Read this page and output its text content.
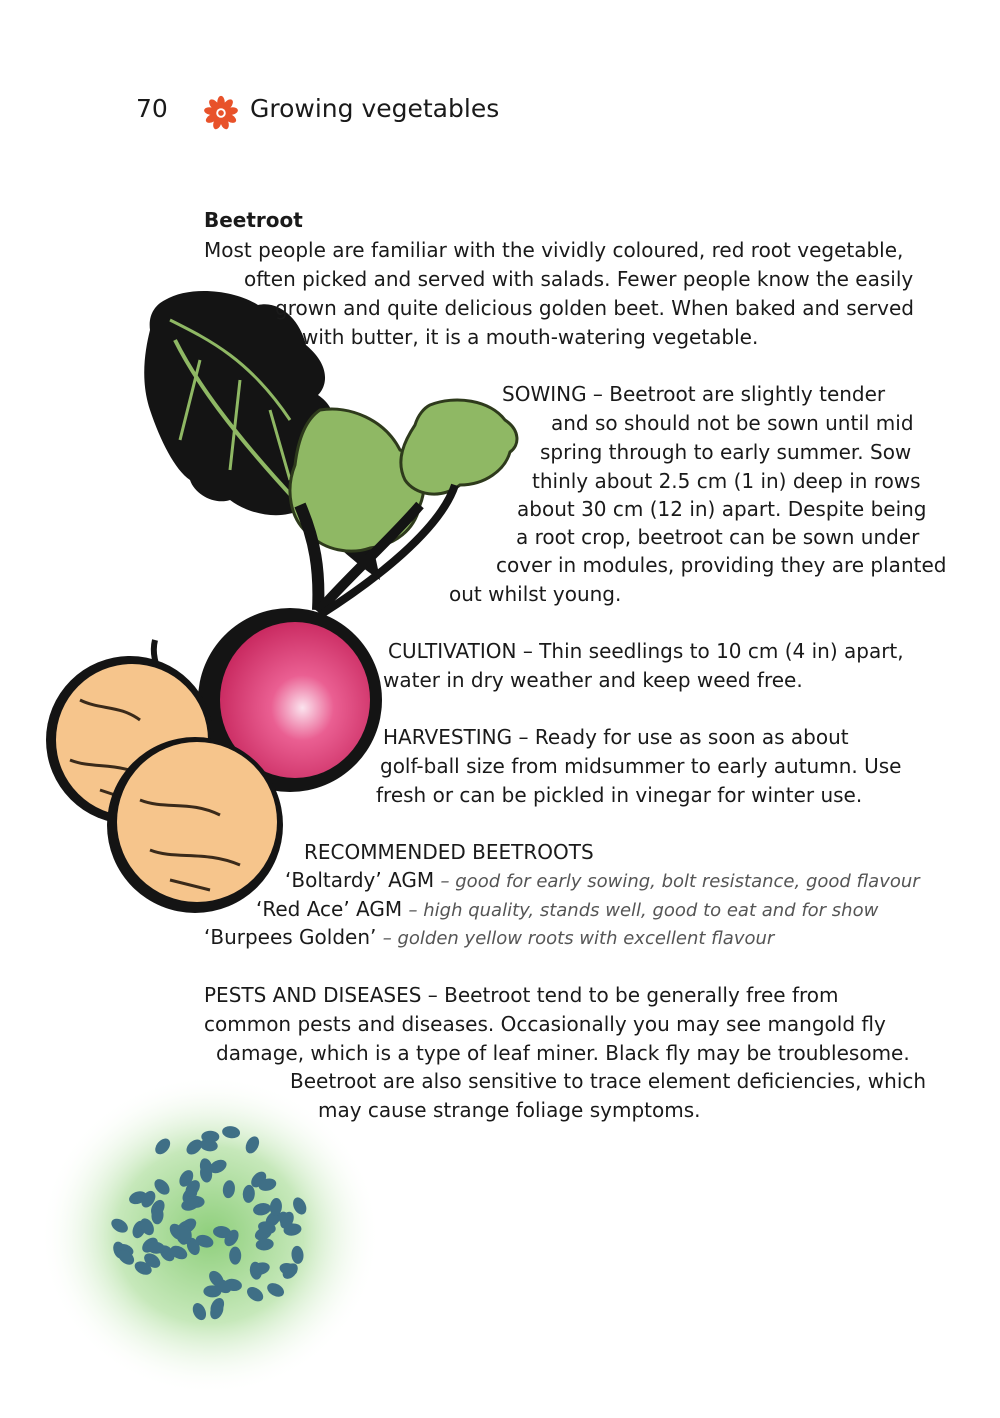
70	Growing vegetables
Beetroot
Most people are familiar with the vividly coloured, red root vegetable,
often picked and served with salads. Fewer people know the easily
grown and quite delicious golden beet. When baked and served
with butter, it is a mouth-watering vegetable.
SOWING – Beetroot are slightly tender
and so should not be sown until mid
spring through to early summer. Sow
thinly about 2.5 cm (1 in) deep in rows
about 30 cm (12 in) apart. Despite being
a root crop, beetroot can be sown under
cover in modules, providing they are planted
out whilst young.
CULTIVATION – Thin seedlings to 10 cm (4 in) apart,
water in dry weather and keep weed free.
HARVESTING – Ready for use as soon as about
golf-ball size from midsummer to early autumn. Use
fresh or can be pickled in vinegar for winter use.
RECOMMENDED BEETROOTS
‘Boltardy’ AGM – good for early sowing, bolt resistance, good flavour
‘Red Ace’ AGM – high quality, stands well, good to eat and for show
‘Burpees Golden’ – golden yellow roots with excellent flavour
PESTS AND DISEASES – Beetroot tend to be generally free from
common pests and diseases. Occasionally you may see mangold fly
damage, which is a type of leaf miner. Black fly may be troublesome.
Beetroot are also sensitive to trace element deficiencies, which
may cause strange foliage symptoms.
